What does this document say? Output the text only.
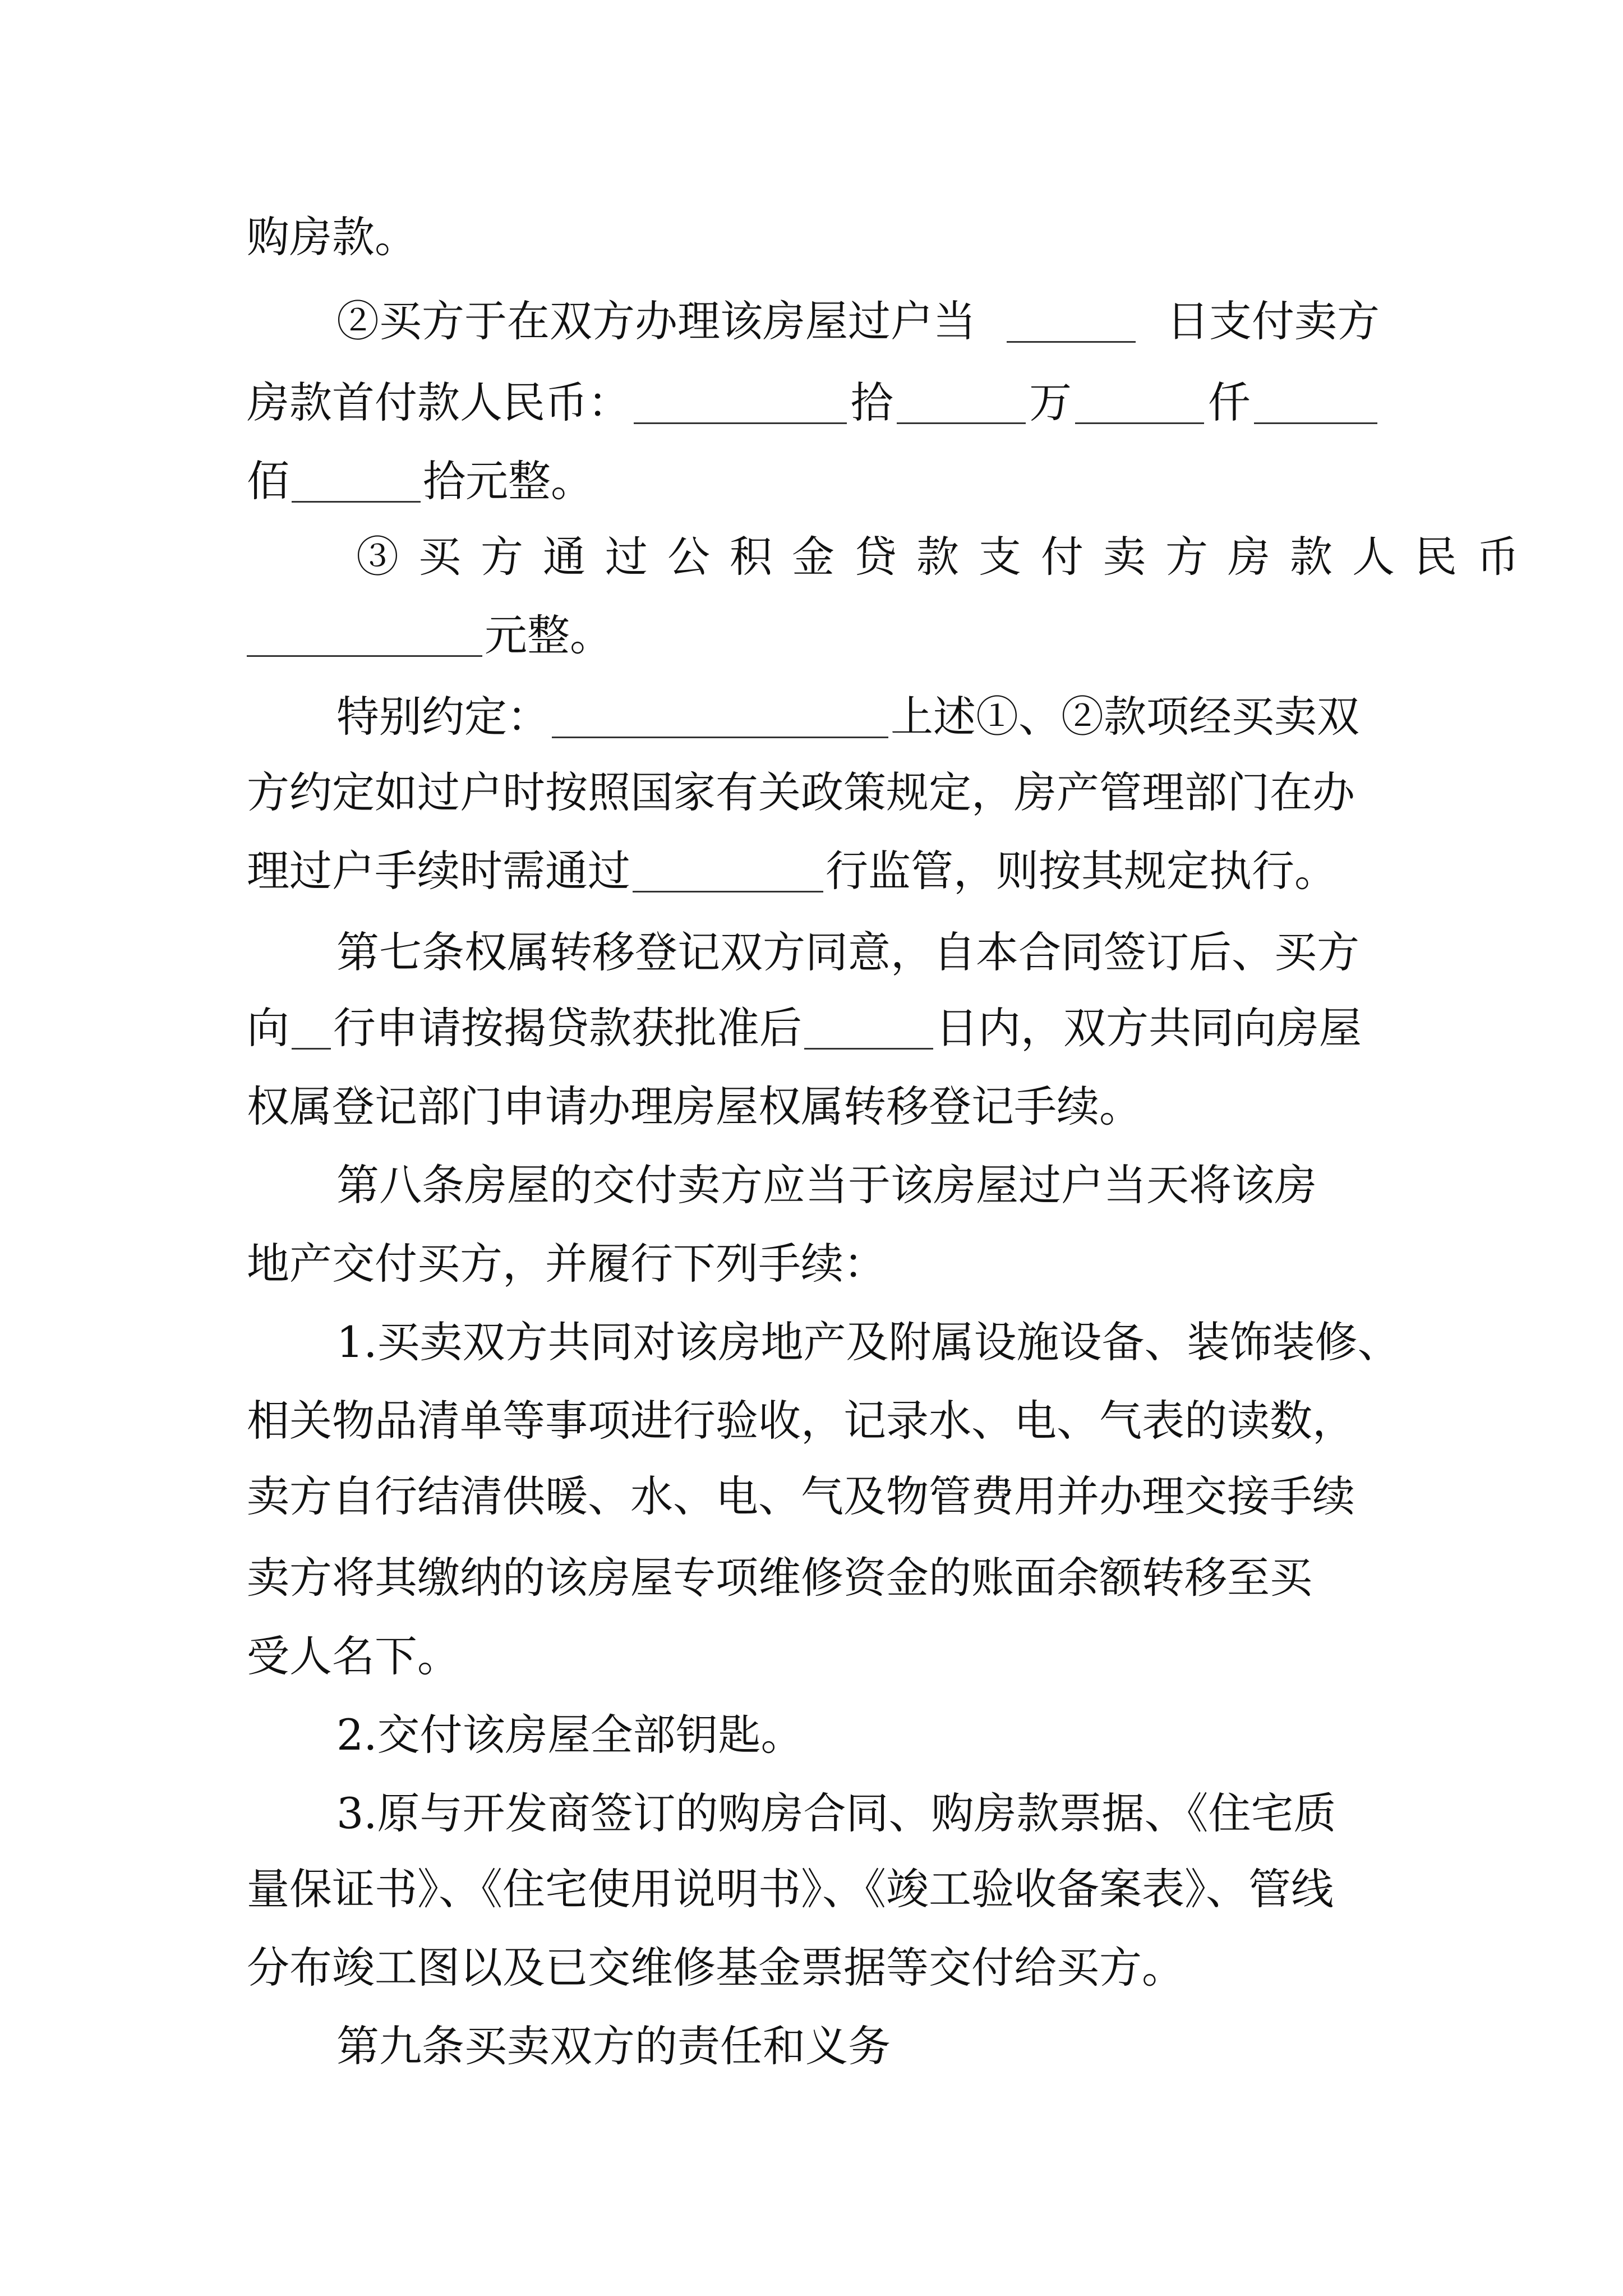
购房款。
②买方于在双方办理该房屋过户当	日支付卖方
房款首付款人民币：	拾	万	仟
佰	拾元整。
③买方通过公积金贷款支付卖方房款人民币
元整。
特别约定：	上述①、②款项经买卖双
方约定如过户时按照国家有关政策规定，房产管理部门在办
理过户手续时需通过	行监管，则按其规定执行。
第七条权属转移登记双方同意，自本合同签订后、买方
向 行申请按揭贷款获批准后	日内，双方共同向房屋
权属登记部门申请办理房屋权属转移登记手续。
第八条房屋的交付卖方应当于该房屋过户当天将该房
地产交付买方，并履行下列手续：
1.买卖双方共同对该房地产及附属设施设备、装饰装修、
相关物品清单等事项进行验收，记录水、电、气表的读数，
卖方自行结清供暖、水、电、气及物管费用并办理交接手续
卖方将其缴纳的该房屋专项维修资金的账面余额转移至买
受人名下。
2.交付该房屋全部钥匙。
3.原与开发商签订的购房合同、购房款票据、《住宅质
量保证书》、《住宅使用说明书》、《竣工验收备案表》、管线
分布竣工图以及已交维修基金票据等交付给买方。
第九条买卖双方的责任和义务
